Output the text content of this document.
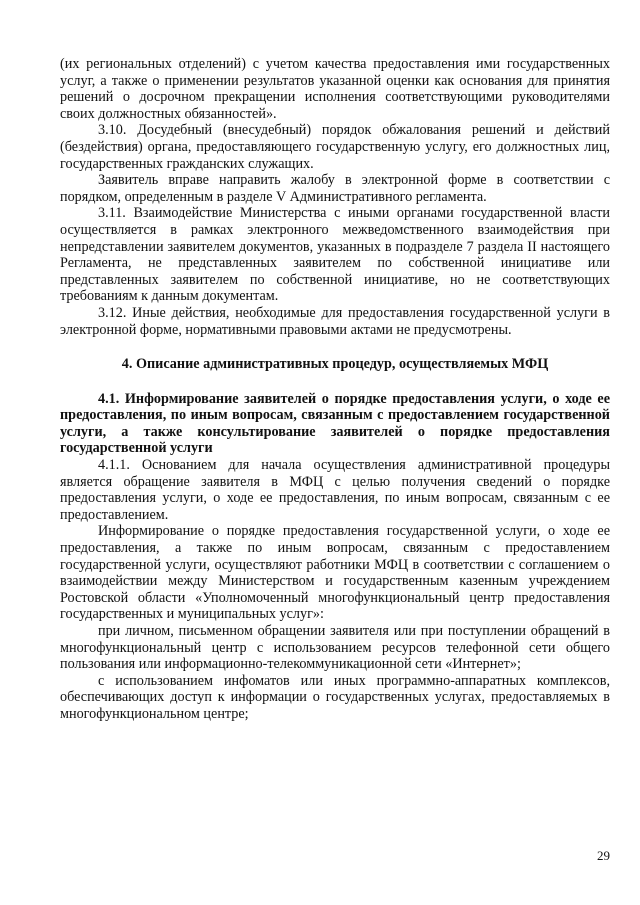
(их региональных отделений) с учетом качества предоставления ими государственных услуг, а также о применении результатов указанной оценки как основания для принятия решений о досрочном прекращении исполнения соответствующими руководителями своих должностных обязанностей».

3.10. Досудебный (внесудебный) порядок обжалования решений и действий (бездействия) органа, предоставляющего государственную услугу, его должностных лиц, государственных гражданских служащих.

Заявитель вправе направить жалобу в электронной форме в соответствии с порядком, определенным в разделе V Административного регламента.

3.11. Взаимодействие Министерства с иными органами государственной власти осуществляется в рамках электронного межведомственного взаимодействия при непредставлении заявителем документов, указанных в подразделе 7 раздела II настоящего Регламента, не представленных заявителем по собственной инициативе или представленных заявителем по собственной инициативе, но не соответствующих требованиям к данным документам.

3.12. Иные действия, необходимые для предоставления государственной услуги в электронной форме, нормативными правовыми актами не предусмотрены.

4. Описание административных процедур, осуществляемых МФЦ

4.1. Информирование заявителей о порядке предоставления услуги, о ходе ее предоставления, по иным вопросам, связанным с предоставлением государственной услуги, а также консультирование заявителей о порядке предоставления государственной услуги

4.1.1. Основанием для начала осуществления административной процедуры является обращение заявителя в МФЦ с целью получения сведений о порядке предоставления услуги, о ходе ее предоставления, по иным вопросам, связанным с ее предоставлением.

Информирование о порядке предоставления государственной услуги, о ходе ее предоставления, а также по иным вопросам, связанным с предоставлением государственной услуги, осуществляют работники МФЦ в соответствии с соглашением о взаимодействии между Министерством и государственным казенным учреждением Ростовской области «Уполномоченный многофункциональный центр предоставления государственных и муниципальных услуг»:

при личном, письменном обращении заявителя или при поступлении обращений в многофункциональный центр с использованием ресурсов телефонной сети общего пользования или информационно-телекоммуникационной сети «Интернет»;

с использованием инфоматов или иных программно-аппаратных комплексов, обеспечивающих доступ к информации о государственных услугах, предоставляемых в многофункциональном центре;

29
